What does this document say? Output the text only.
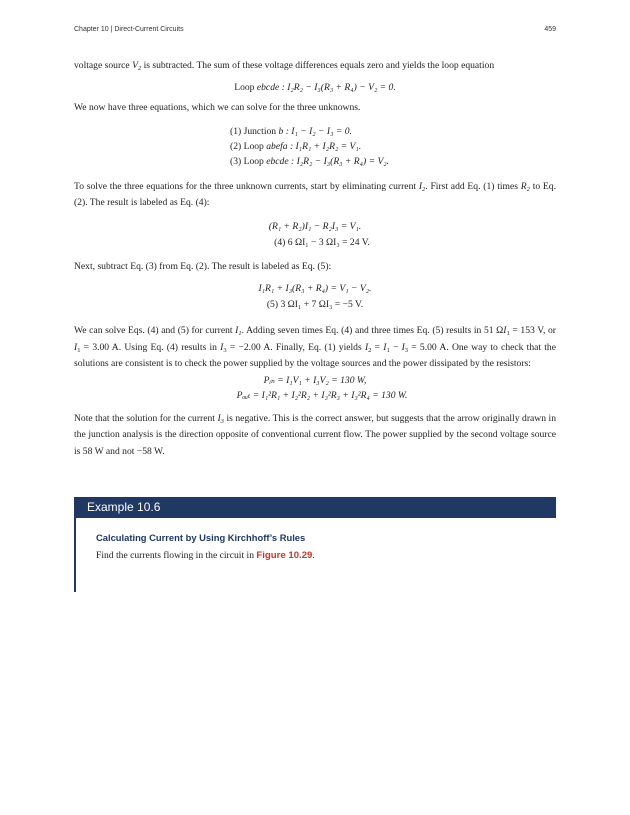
Chapter 10 | Direct-Current Circuits	459

voltage source $V_2$ is subtracted. The sum of these voltage differences equals zero and yields the loop equation

Loop ebcde : I₂R₂ − I₃(R₃ + R₄) − V₂ = 0.

We now have three equations, which we can solve for the three unknowns.

(1) Junction b : I₁ − I₂ − I₃ = 0.
(2) Loop abefa : I₁R₁ + I₂R₂ = V₁.
(3) Loop ebcde : I₂R₂ − I₃(R₃ + R₄) = V₂.

To solve the three equations for the three unknown currents, start by eliminating current $I_2$. First add Eq. (1) times $R_2$ to Eq. (2). The result is labeled as Eq. (4):

(R₁ + R₂)I₁ − R₂I₃ = V₁.

(4) 6 ΩI₁ − 3 ΩI₃ = 24 V.

Next, subtract Eq. (3) from Eq. (2). The result is labeled as Eq. (5):

I₁R₁ + I₃(R₃ + R₄) = V₁ − V₂.

(5) 3 ΩI₁ + 7 ΩI₃ = −5 V.

We can solve Eqs. (4) and (5) for current $I_1$. Adding seven times Eq. (4) and three times Eq. (5) results in 51 $\Omega I_1 = 153$ V, or $I_1 = 3.00$ A. Using Eq. (4) results in $I_3 = -2.00$ A. Finally, Eq. (1) yields $I_2 = I_1 - I_3 = 5.00$ A. One way to check that the solutions are consistent is to check the power supplied by the voltage sources and the power dissipated by the resistors:

Pᵢₙ = I₁V₁ + I₃V₂ = 130 W,

Pₒᵤₜ = I₁²R₁ + I₂²R₂ + I₃²R₃ + I₃²R₄ = 130 W.

Note that the solution for the current $I_3$ is negative. This is the correct answer, but suggests that the arrow originally drawn in the junction analysis is the direction opposite of conventional current flow. The power supplied by the second voltage source is 58 W and not −58 W.

Example 10.6

Calculating Current by Using Kirchhoff’s Rules

Find the currents flowing in the circuit in Figure 10.29.
